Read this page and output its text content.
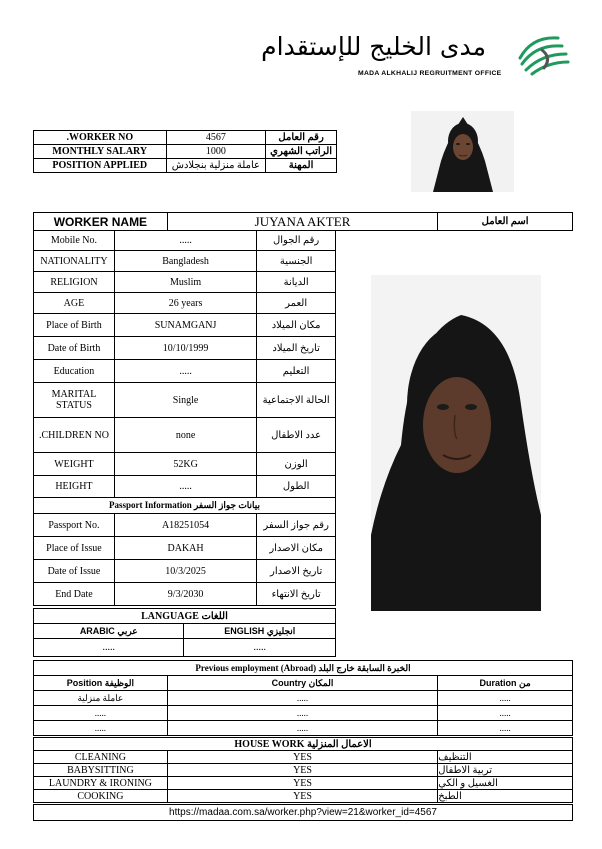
مدى الخليج للإستقدام
MADA ALKHALIJ REGRUITMENT OFFICE
.WORKER NO	4567	رقم العامل
MONTHLY SALARY	1000	الراتب الشهري
POSITION APPLIED	عاملة منزلية بنجلادش	المهنة
WORKER NAME	JUYANA AKTER	اسم العامل
Mobile No.	.....	رقم الجوال
NATIONALITY	Bangladesh	الجنسية
RELIGION	Muslim	الديانة
AGE	26 years	العمر
Place of Birth	SUNAMGANJ	مكان الميلاد
Date of Birth	10/10/1999	تاريخ الميلاد
Education	.....	التعليم
MARITAL STATUS	Single	الحالة الاجتماعية
.CHILDREN NO	none	عدد الاطفال
WEIGHT	52KG	الوزن
HEIGHT	.....	الطول
Passport Information بيانات جواز السفر		
Passport No.	A18251054	رقم جواز السفر
Place of Issue	DAKAH	مكان الاصدار
Date of Issue	10/3/2025	تاريخ الاصدار
End Date	9/3/2030	تاريخ الانتهاء
LANGUAGE اللغات	
ARABIC عربي	ENGLISH انجليزي
.....	.....
Previous employment (Abroad) الخبرة السابقة خارج البلد		
Position الوظيفة	Country المكان	Duration من
عاملة منزلية	.....	.....
.....	.....	.....
.....	.....	.....
HOUSE WORK الاعمال المنزلية		
CLEANING	YES	التنظيف
BABYSITTING	YES	تربية الاطفال
LAUNDRY & IRONING	YES	الغسيل و الكي
COOKING	YES	الطبخ
https://madaa.com.sa/worker.php?view=21&worker_id=4567
